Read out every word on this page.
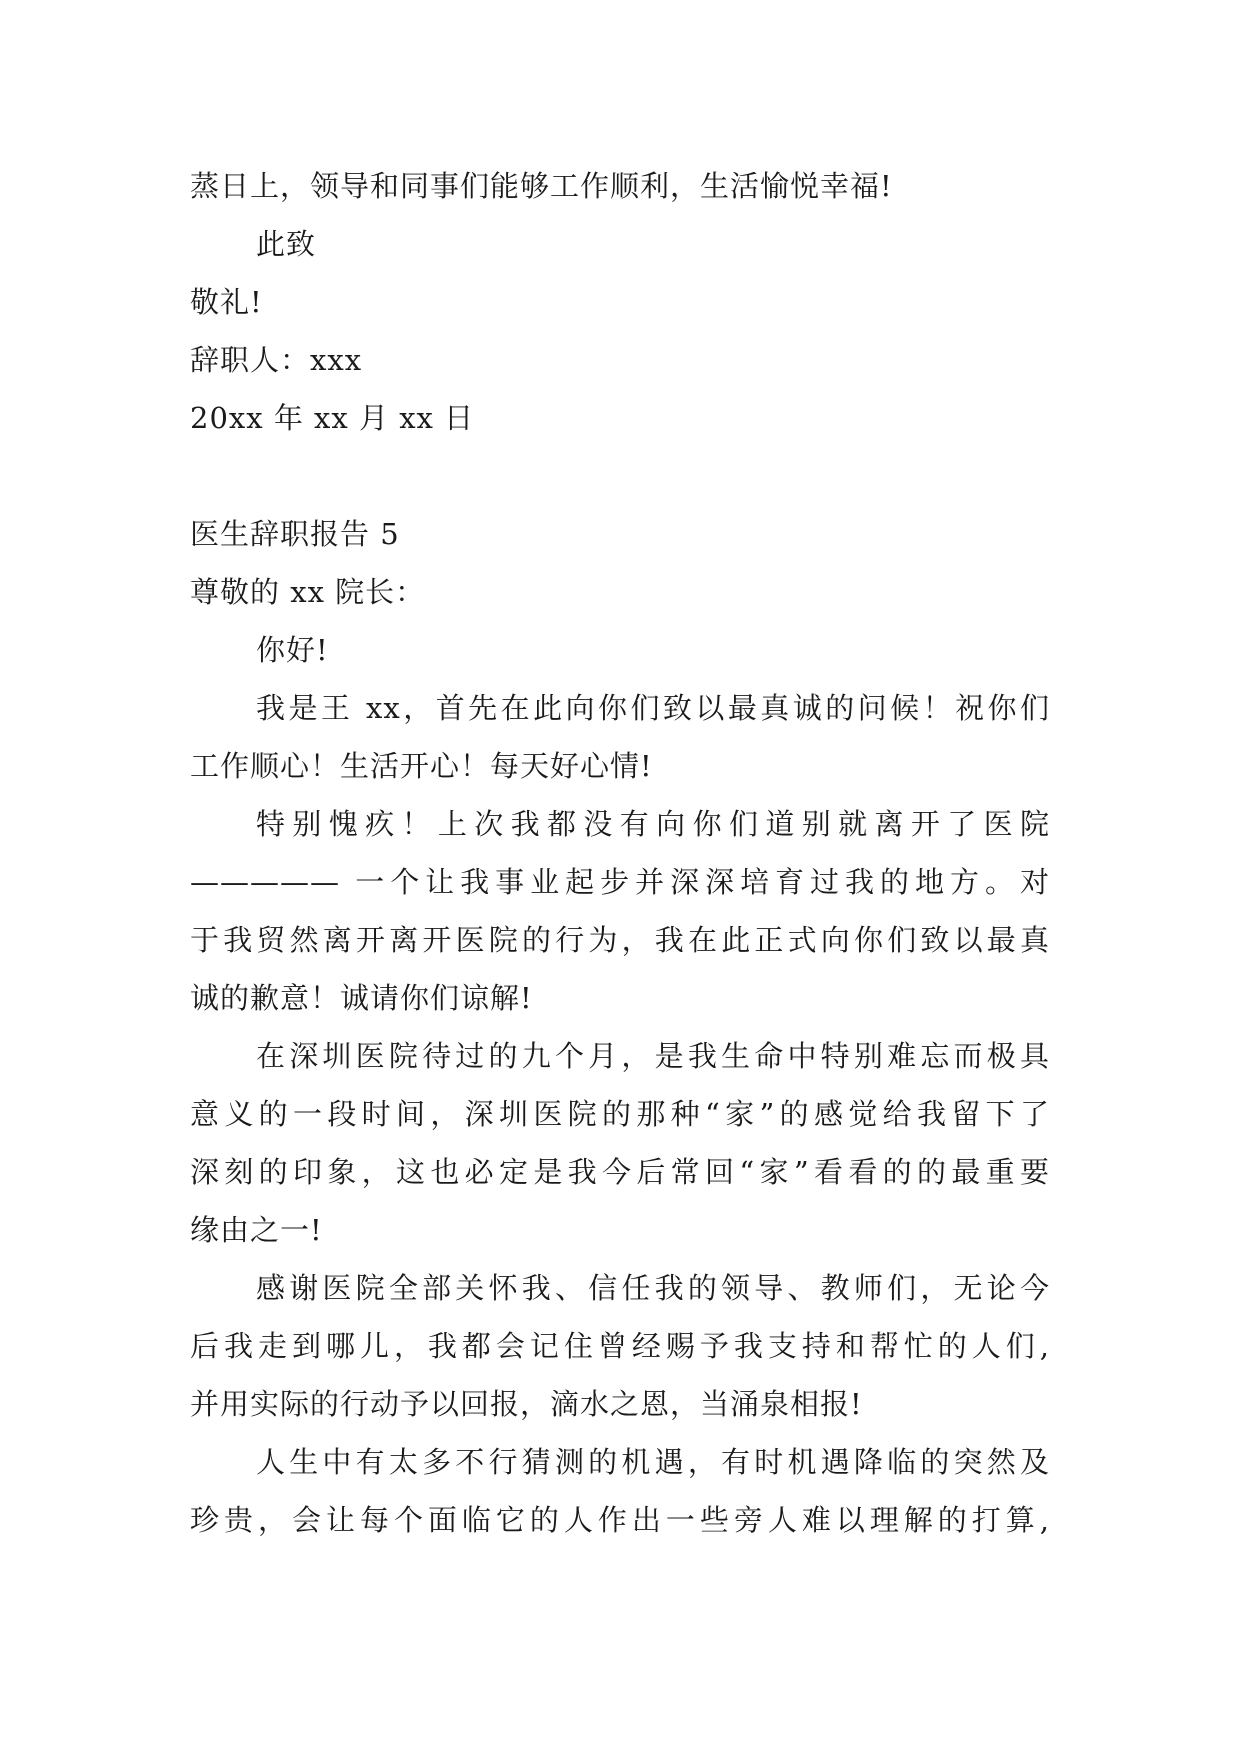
蒸日上，领导和同事们能够工作顺利，生活愉悦幸福!
此致
敬礼!
辞职人：xxx
20xx 年 xx 月 xx 日
医生辞职报告 5
尊敬的 xx 院长：
你好!
我是王 xx，首先在此向你们致以最真诚的问候！祝你们
工作顺心！生活开心！每天好心情!
特别愧疚！上次我都没有向你们道别就离开了医院
————— 一个让我事业起步并深深培育过我的地方。对
于我贸然离开离开医院的行为，我在此正式向你们致以最真
诚的歉意！诚请你们谅解!
在深圳医院待过的九个月，是我生命中特别难忘而极具
意义的一段时间，深圳医院的那种“家”的感觉给我留下了
深刻的印象，这也必定是我今后常回“家”看看的的最重要
缘由之一!
感谢医院全部关怀我、信任我的领导、教师们，无论今
后我走到哪儿，我都会记住曾经赐予我支持和帮忙的人们,
并用实际的行动予以回报，滴水之恩，当涌泉相报!
人生中有太多不行猜测的机遇，有时机遇降临的突然及
珍贵，会让每个面临它的人作出一些旁人难以理解的打算,
